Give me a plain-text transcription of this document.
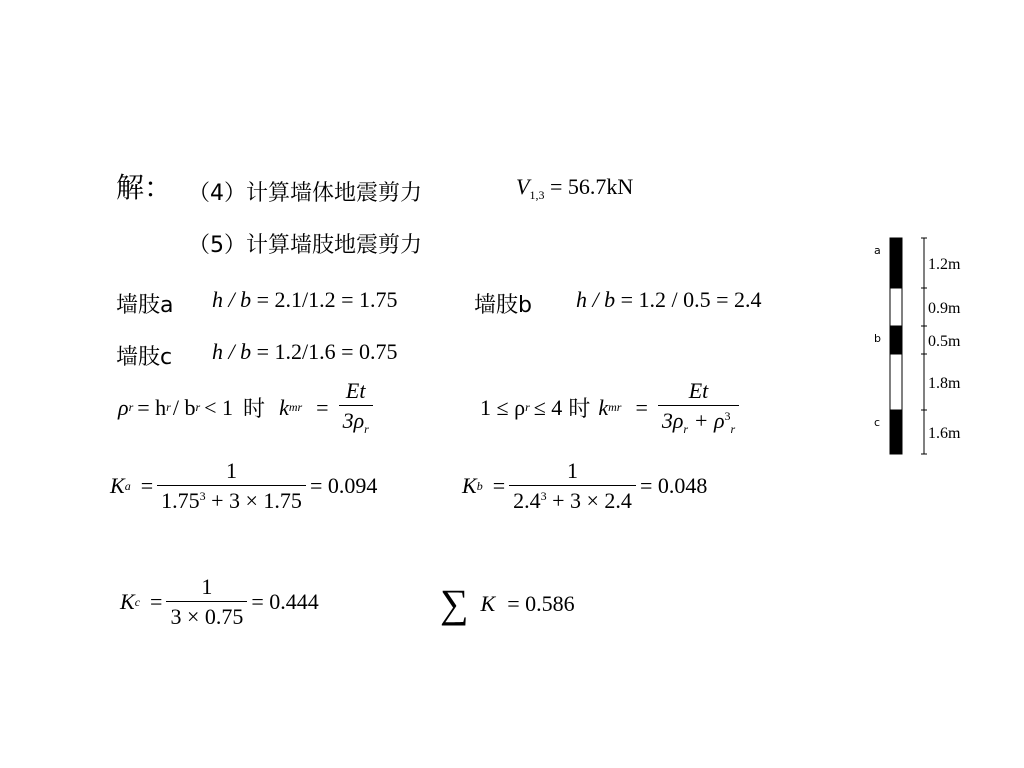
解： （4）计算墙体地震剪力	$V_{1,3} = 56.7kN$
（5）计算墙肢地震剪力
墙肢a h / b = 2.1/1.2 = 1.75	墙肢b h / b = 1.2 / 0.5 = 2.4
墙肢c h / b = 1.2/1.6 = 0.75
ρ r = h r / b r < 1 时 k mr = $\frac{Et}{3\rho_r}$	1 ≤ ρ r ≤ 4 时 k mr = $\frac{Et}{3\rho_r + \rho^3_r}$
K $a = \frac{1}{1.75^3 + 3 \times 1.75} = 0.094$	K $b = \frac{1}{2.4^3 + 3 \times 2.4} = 0.048$
K $c = \frac{1}{3 \times 0.75} = 0.444$	∑ K = 0.586
a
1.2m
0.9m
b	0.5m
1.8m
c
1.6m
